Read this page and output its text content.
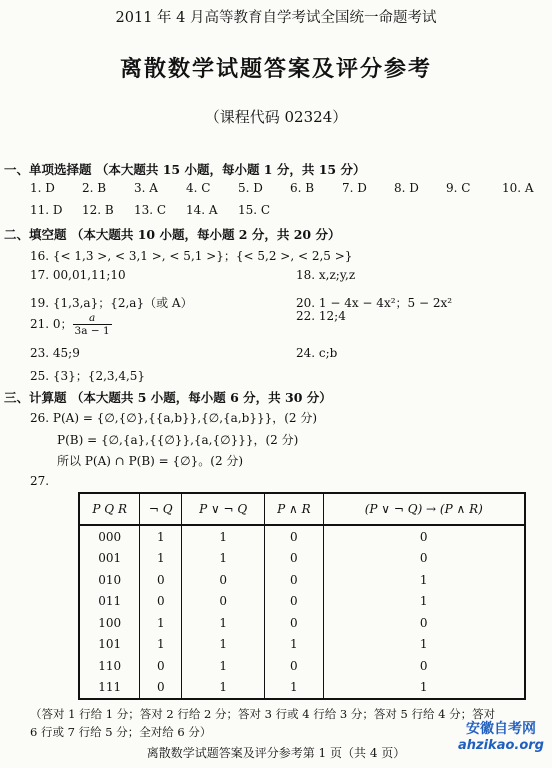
2011 年 4 月高等教育自学考试全国统一命题考试
离散数学试题答案及评分参考
（课程代码 02324）
一、单项选择题 （本大题共 15 小题，每小题 1 分，共 15 分）
1. D 2. B 3. A 4. C 5. D 6. B 7. D 8. D 9. C	10. A
11. D 12. B 13. C 14. A 15. C
二、填空题 （本大题共 10 小题，每小题 2 分，共 20 分）
16. {< 1,3 >, < 3,1 >, < 5,1 >}；{< 5,2 >, < 2,5 >}
17. 00,01,11;10	18. x,z;y,z
19. {1,3,a}；{2,a}（或 A）	20. 1 − 4x − 4x²；5 − 2x²
21. 0； $\frac{a}{3a - 1}$	22. 12;4
23. 45;9	24. c;b
25. {3}；{2,3,4,5}
三、计算题 （本大题共 5 小题，每小题 6 分，共 30 分）
26. P(A) = {∅,{∅},{{a,b}},{∅,{a,b}}}，(2 分)
P(B) = {∅,{a},{{∅}},{a,{∅}}}，(2 分)
所以 P(A) ∩ P(B) = {∅}。(2 分)
27.
P Q R	¬ Q	P ∨ ¬ Q	P ∧ R	(P ∨ ¬ Q) → (P ∧ R)
000	1	1	0	0
001	1	1	0	0
010	0	0	0	1
011	0	0	0	1
100	1	1	0	0
101	1	1	1	1
110	0	1	0	0
111	0	1	1	1
（答对 1 行给 1 分；答对 2 行给 2 分；答对 3 行或 4 行给 3 分；答对 5 行给 4 分；答对
6 行或 7 行给 5 分；全对给 6 分）
离散数学试题答案及评分参考第 1 页（共 4 页）
安徽自考网
ahzikao.org
